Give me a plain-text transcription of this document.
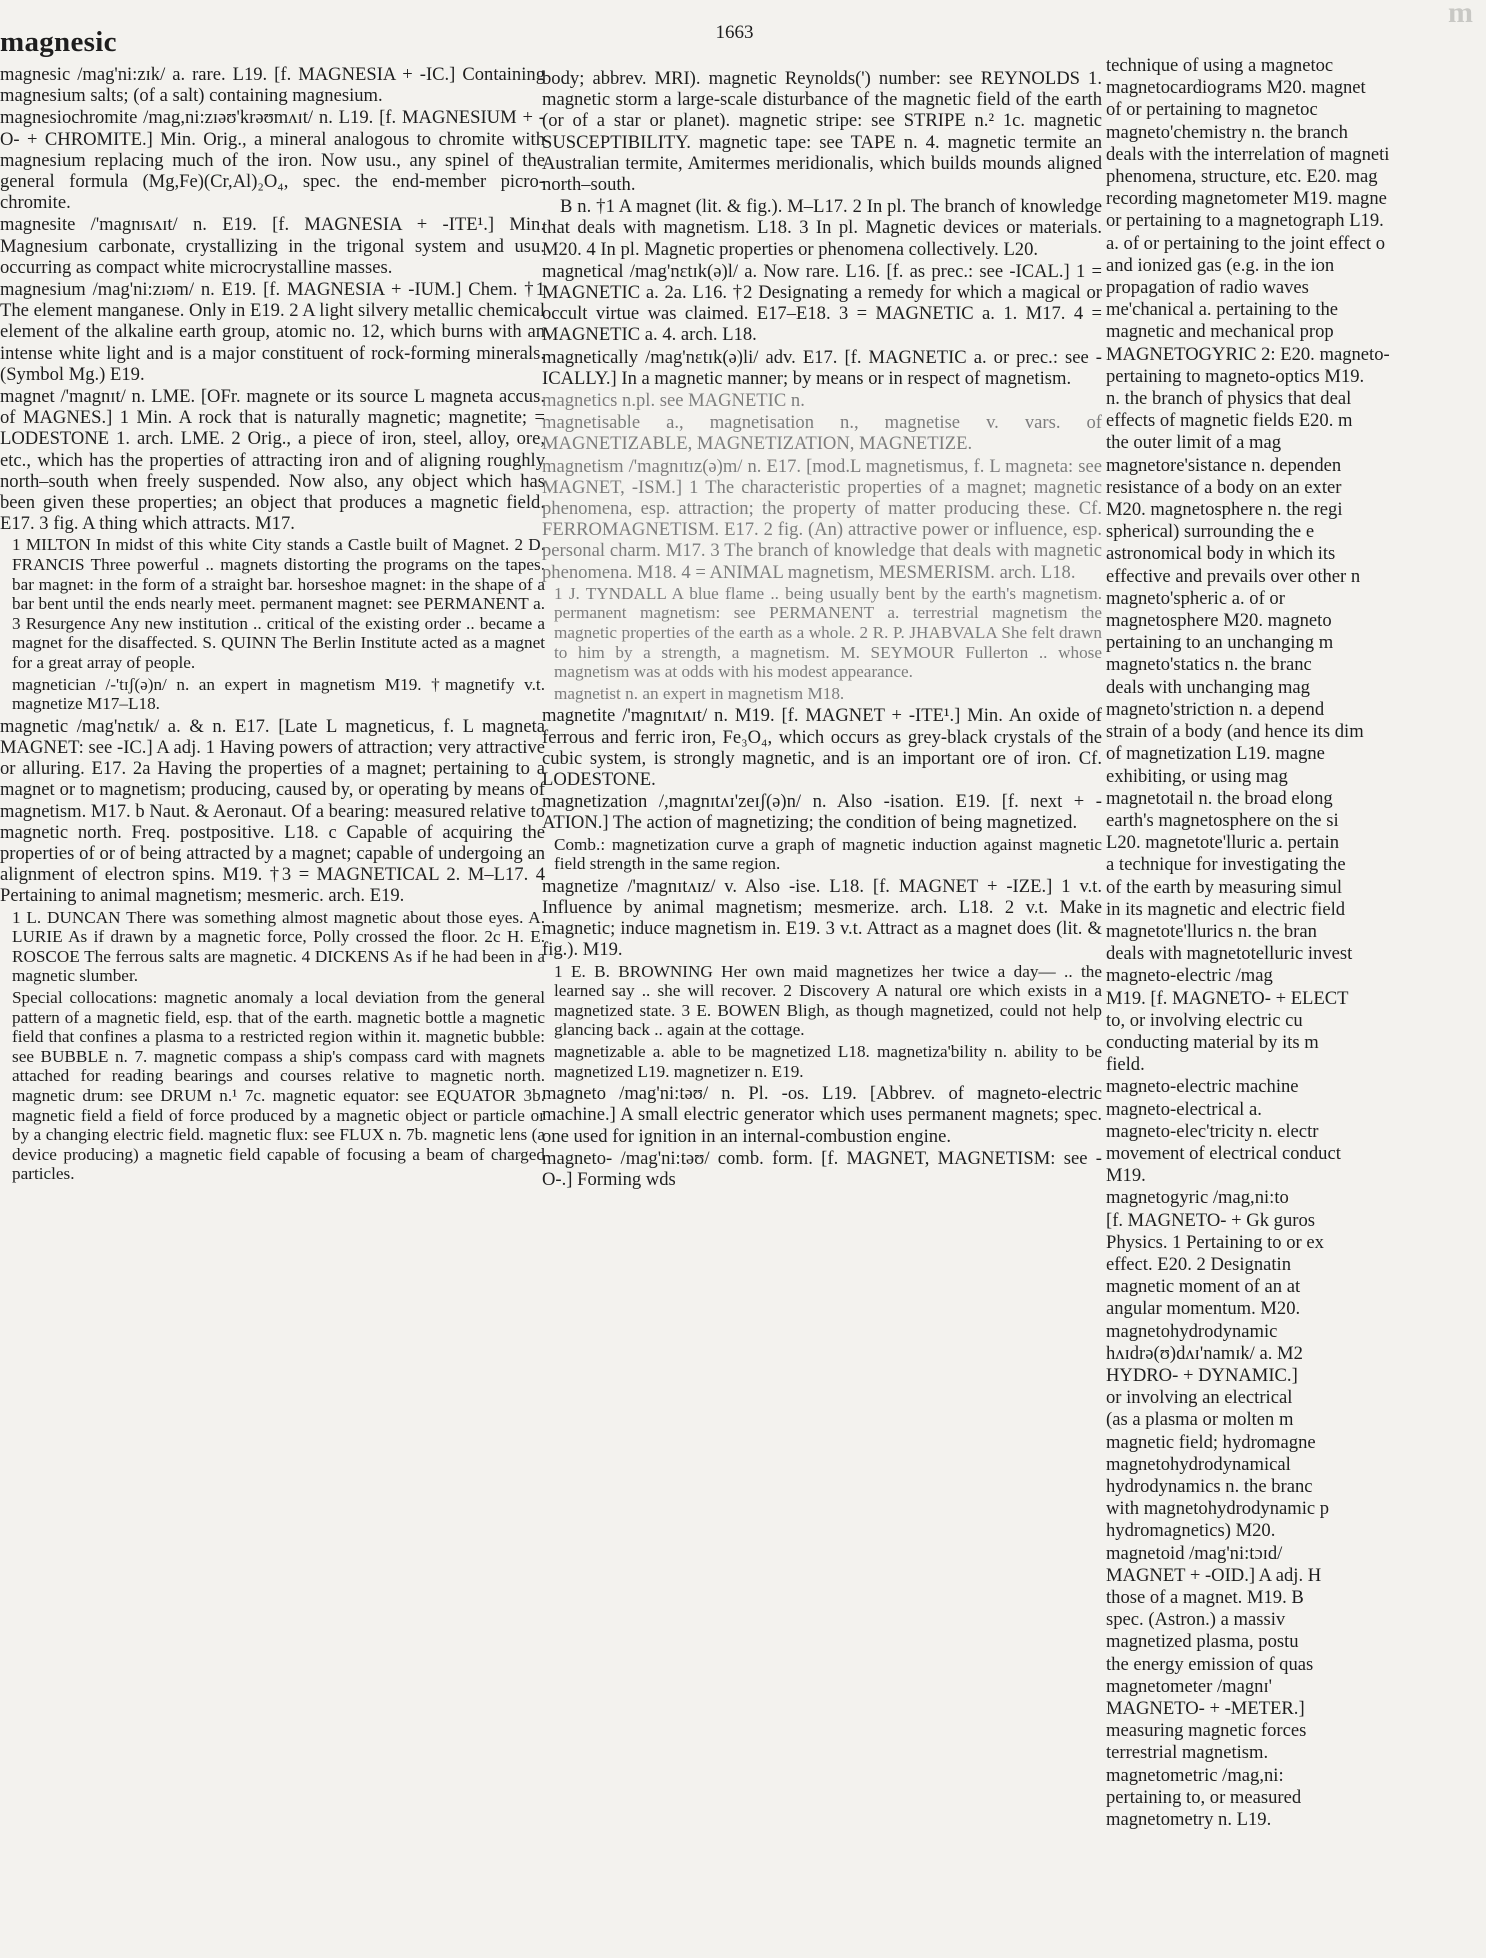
1663
magnesic
m

magnesic /mag'ni:zɪk/ a. rare. L19. [f. MAGNESIA + -IC.] Containing magnesium salts; (of a salt) containing magnesium.

magnesiochromite /mag,ni:zɪəʊ'krəʊmʌɪt/ n. L19. [f. MAGNESIUM + -O- + CHROMITE.] Min. Orig., a mineral analogous to chromite with magnesium replacing much of the iron. Now usu., any spinel of the general formula (Mg,Fe)(Cr,Al)₂O₄, spec. the end-member picro-chromite.

magnesite /'magnɪsʌɪt/ n. E19. [f. MAGNESIA + -ITE¹.] Min. Magnesium carbonate, crystallizing in the trigonal system and usu. occurring as compact white microcrystalline masses.

magnesium /mag'ni:zɪəm/ n. E19. [f. MAGNESIA + -IUM.] Chem. †1 The element manganese. Only in E19. 2 A light silvery metallic chemical element of the alkaline earth group, atomic no. 12, which burns with an intense white light and is a major constituent of rock-forming minerals. (Symbol Mg.) E19.

magnet /'magnɪt/ n. LME. [OFr. magnete or its source L magneta accus. of MAGNES.] 1 Min. A rock that is naturally magnetic; magnetite; = LODESTONE 1. arch. LME. 2 Orig., a piece of iron, steel, alloy, ore, etc., which has the properties of attracting iron and of aligning roughly north–south when freely suspended. Now also, any object which has been given these properties; an object that produces a magnetic field. E17. 3 fig. A thing which attracts. M17.

1 MILTON In midst of this white City stands a Castle built of Magnet. 2 D. FRANCIS Three powerful .. magnets distorting the programs on the tapes. bar magnet: in the form of a straight bar. horseshoe magnet: in the shape of a bar bent until the ends nearly meet. permanent magnet: see PERMANENT a. 3 Resurgence Any new institution .. critical of the existing order .. became a magnet for the disaffected. S. QUINN The Berlin Institute acted as a magnet for a great array of people.

magnetician /-'tɪʃ(ə)n/ n. an expert in magnetism M19. †magnetify v.t. magnetize M17–L18.

magnetic /mag'nɛtɪk/ a. & n. E17. [Late L magneticus, f. L magneta MAGNET: see -IC.] A adj. 1 Having powers of attraction; very attractive or alluring. E17. 2a Having the properties of a magnet; pertaining to a magnet or to magnetism; producing, caused by, or operating by means of magnetism. M17. b Naut. & Aeronaut. Of a bearing: measured relative to magnetic north. Freq. postpositive. L18. c Capable of acquiring the properties of or of being attracted by a magnet; capable of undergoing an alignment of electron spins. M19. †3 = MAGNETICAL 2. M–L17. 4 Pertaining to animal magnetism; mesmeric. arch. E19.

1 L. DUNCAN There was something almost magnetic about those eyes. A. LURIE As if drawn by a magnetic force, Polly crossed the floor. 2c H. E. ROSCOE The ferrous salts are magnetic. 4 DICKENS As if he had been in a magnetic slumber.

Special collocations: magnetic anomaly a local deviation from the general pattern of a magnetic field, esp. that of the earth. magnetic bottle a magnetic field that confines a plasma to a restricted region within it. magnetic bubble: see BUBBLE n. 7. magnetic compass a ship's compass card with magnets attached for reading bearings and courses relative to magnetic north. magnetic drum: see DRUM n.¹ 7c. magnetic equator: see EQUATOR 3b. magnetic field a field of force produced by a magnetic object or particle or by a changing electric field. magnetic flux: see FLUX n. 7b. magnetic lens (a device producing) a magnetic field capable of focusing a beam of charged particles.

body; abbrev. MRI). magnetic Reynolds(') number: see REYNOLDS 1. magnetic storm a large-scale disturbance of the magnetic field of the earth (or of a star or planet). magnetic stripe: see STRIPE n.² 1c. magnetic SUSCEPTIBILITY. magnetic tape: see TAPE n. 4. magnetic termite an Australian termite, Amitermes meridionalis, which builds mounds aligned north–south.

B n. †1 A magnet (lit. & fig.). M–L17. 2 In pl. The branch of knowledge that deals with magnetism. L18. 3 In pl. Magnetic devices or materials. M20. 4 In pl. Magnetic properties or phenomena collectively. L20.

magnetical /mag'nɛtɪk(ə)l/ a. Now rare. L16. [f. as prec.: see -ICAL.] 1 = MAGNETIC a. 2a. L16. †2 Designating a remedy for which a magical or occult virtue was claimed. E17–E18. 3 = MAGNETIC a. 1. M17. 4 = MAGNETIC a. 4. arch. L18.

magnetically /mag'nɛtɪk(ə)li/ adv. E17. [f. MAGNETIC a. or prec.: see -ICALLY.] In a magnetic manner; by means or in respect of magnetism.

magnetics n.pl. see MAGNETIC n.

magnetisable a., magnetisation n., magnetise v. vars. of MAGNETIZABLE, MAGNETIZATION, MAGNETIZE.

magnetism /'magnɪtɪz(ə)m/ n. E17. [mod.L magnetismus, f. L magneta: see MAGNET, -ISM.] 1 The characteristic properties of a magnet; magnetic phenomena, esp. attraction; the property of matter producing these. Cf. FERROMAGNETISM. E17. 2 fig. (An) attractive power or influence, esp. personal charm. M17. 3 The branch of knowledge that deals with magnetic phenomena. M18. 4 = ANIMAL magnetism, MESMERISM. arch. L18.

1 J. TYNDALL A blue flame .. being usually bent by the earth's magnetism. permanent magnetism: see PERMANENT a. terrestrial magnetism the magnetic properties of the earth as a whole. 2 R. P. JHABVALA She felt drawn to him by a strength, a magnetism. M. SEYMOUR Fullerton .. whose magnetism was at odds with his modest appearance.

magnetist n. an expert in magnetism M18.

magnetite /'magnɪtʌɪt/ n. M19. [f. MAGNET + -ITE¹.] Min. An oxide of ferrous and ferric iron, Fe₃O₄, which occurs as grey-black crystals of the cubic system, is strongly magnetic, and is an important ore of iron. Cf. LODESTONE.

magnetization /,magnɪtʌɪ'zeɪʃ(ə)n/ n. Also -isation. E19. [f. next + -ATION.] The action of magnetizing; the condition of being magnetized.

Comb.: magnetization curve a graph of magnetic induction against magnetic field strength in the same region.

magnetize /'magnɪtʌɪz/ v. Also -ise. L18. [f. MAGNET + -IZE.] 1 v.t. Influence by animal magnetism; mesmerize. arch. L18. 2 v.t. Make magnetic; induce magnetism in. E19. 3 v.t. Attract as a magnet does (lit. & fig.). M19.

1 E. B. BROWNING Her own maid magnetizes her twice a day— .. the learned say .. she will recover. 2 Discovery A natural ore which exists in a magnetized state. 3 E. BOWEN Bligh, as though magnetized, could not help glancing back .. again at the cottage.

magnetizable a. able to be magnetized L18. magnetiza'bility n. ability to be magnetized L19. magnetizer n. E19.

magneto /mag'ni:təʊ/ n. Pl. -os. L19. [Abbrev. of magneto-electric machine.] A small electric generator which uses permanent magnets; spec. one used for ignition in an internal-combustion engine.

magneto- /mag'ni:təʊ/ comb. form. [f. MAGNET, MAGNETISM: see -O-.] Forming wds

technique of using a magnetoc
magnetocardiograms M20. magnet
of or pertaining to magnetoc
magneto'chemistry n. the branch
deals with the interrelation of magneti
phenomena, structure, etc. E20. mag
recording magnetometer M19. magne
or pertaining to a magnetograph L19.
a. of or pertaining to the joint effect o
and ionized gas (e.g. in the ion
propagation of radio waves
me'chanical a. pertaining to the
magnetic and mechanical prop
MAGNETOGYRIC 2: E20. magneto-
pertaining to magneto-optics M19.
n. the branch of physics that deal
effects of magnetic fields E20. m
the outer limit of a mag
magnetore'sistance n. dependen
resistance of a body on an exter
M20. magnetosphere n. the regi
spherical) surrounding the e
astronomical body in which its
effective and prevails over other n
magneto'spheric a. of or
magnetosphere M20. magneto
pertaining to an unchanging m
magneto'statics n. the branc
deals with unchanging mag
magneto'striction n. a depend
strain of a body (and hence its dim
of magnetization L19. magne
exhibiting, or using mag
magnetotail n. the broad elong
earth's magnetosphere on the si
L20. magnetote'lluric a. pertain
a technique for investigating the
of the earth by measuring simul
in its magnetic and electric field
magnetote'llurics n. the bran
deals with magnetotelluric invest
magneto-electric /mag
M19. [f. MAGNETO- + ELECT
to, or involving electric cu
conducting material by its m
field.
magneto-electric machine
magneto-electrical a.
magneto-elec'tricity n. electr
movement of electrical conduct
M19.
magnetogyric /mag,ni:to
[f. MAGNETO- + Gk guros
Physics. 1 Pertaining to or ex
effect. E20. 2 Designatin
magnetic moment of an at
angular momentum. M20.
magnetohydrodynamic
hʌɪdrə(ʊ)dʌɪ'namɪk/ a. M2
HYDRO- + DYNAMIC.]
or involving an electrical
(as a plasma or molten m
magnetic field; hydromagne
magnetohydrodynamical
hydrodynamics n. the branc
with magnetohydrodynamic p
hydromagnetics) M20.
magnetoid /mag'ni:tɔɪd/
MAGNET + -OID.] A adj. H
those of a magnet. M19. B
spec. (Astron.) a massiv
magnetized plasma, postu
the energy emission of quas
magnetometer /magnɪ'
MAGNETO- + -METER.]
measuring magnetic forces
terrestrial magnetism.
magnetometric /mag,ni:
pertaining to, or measured
magnetometry n. L19.
